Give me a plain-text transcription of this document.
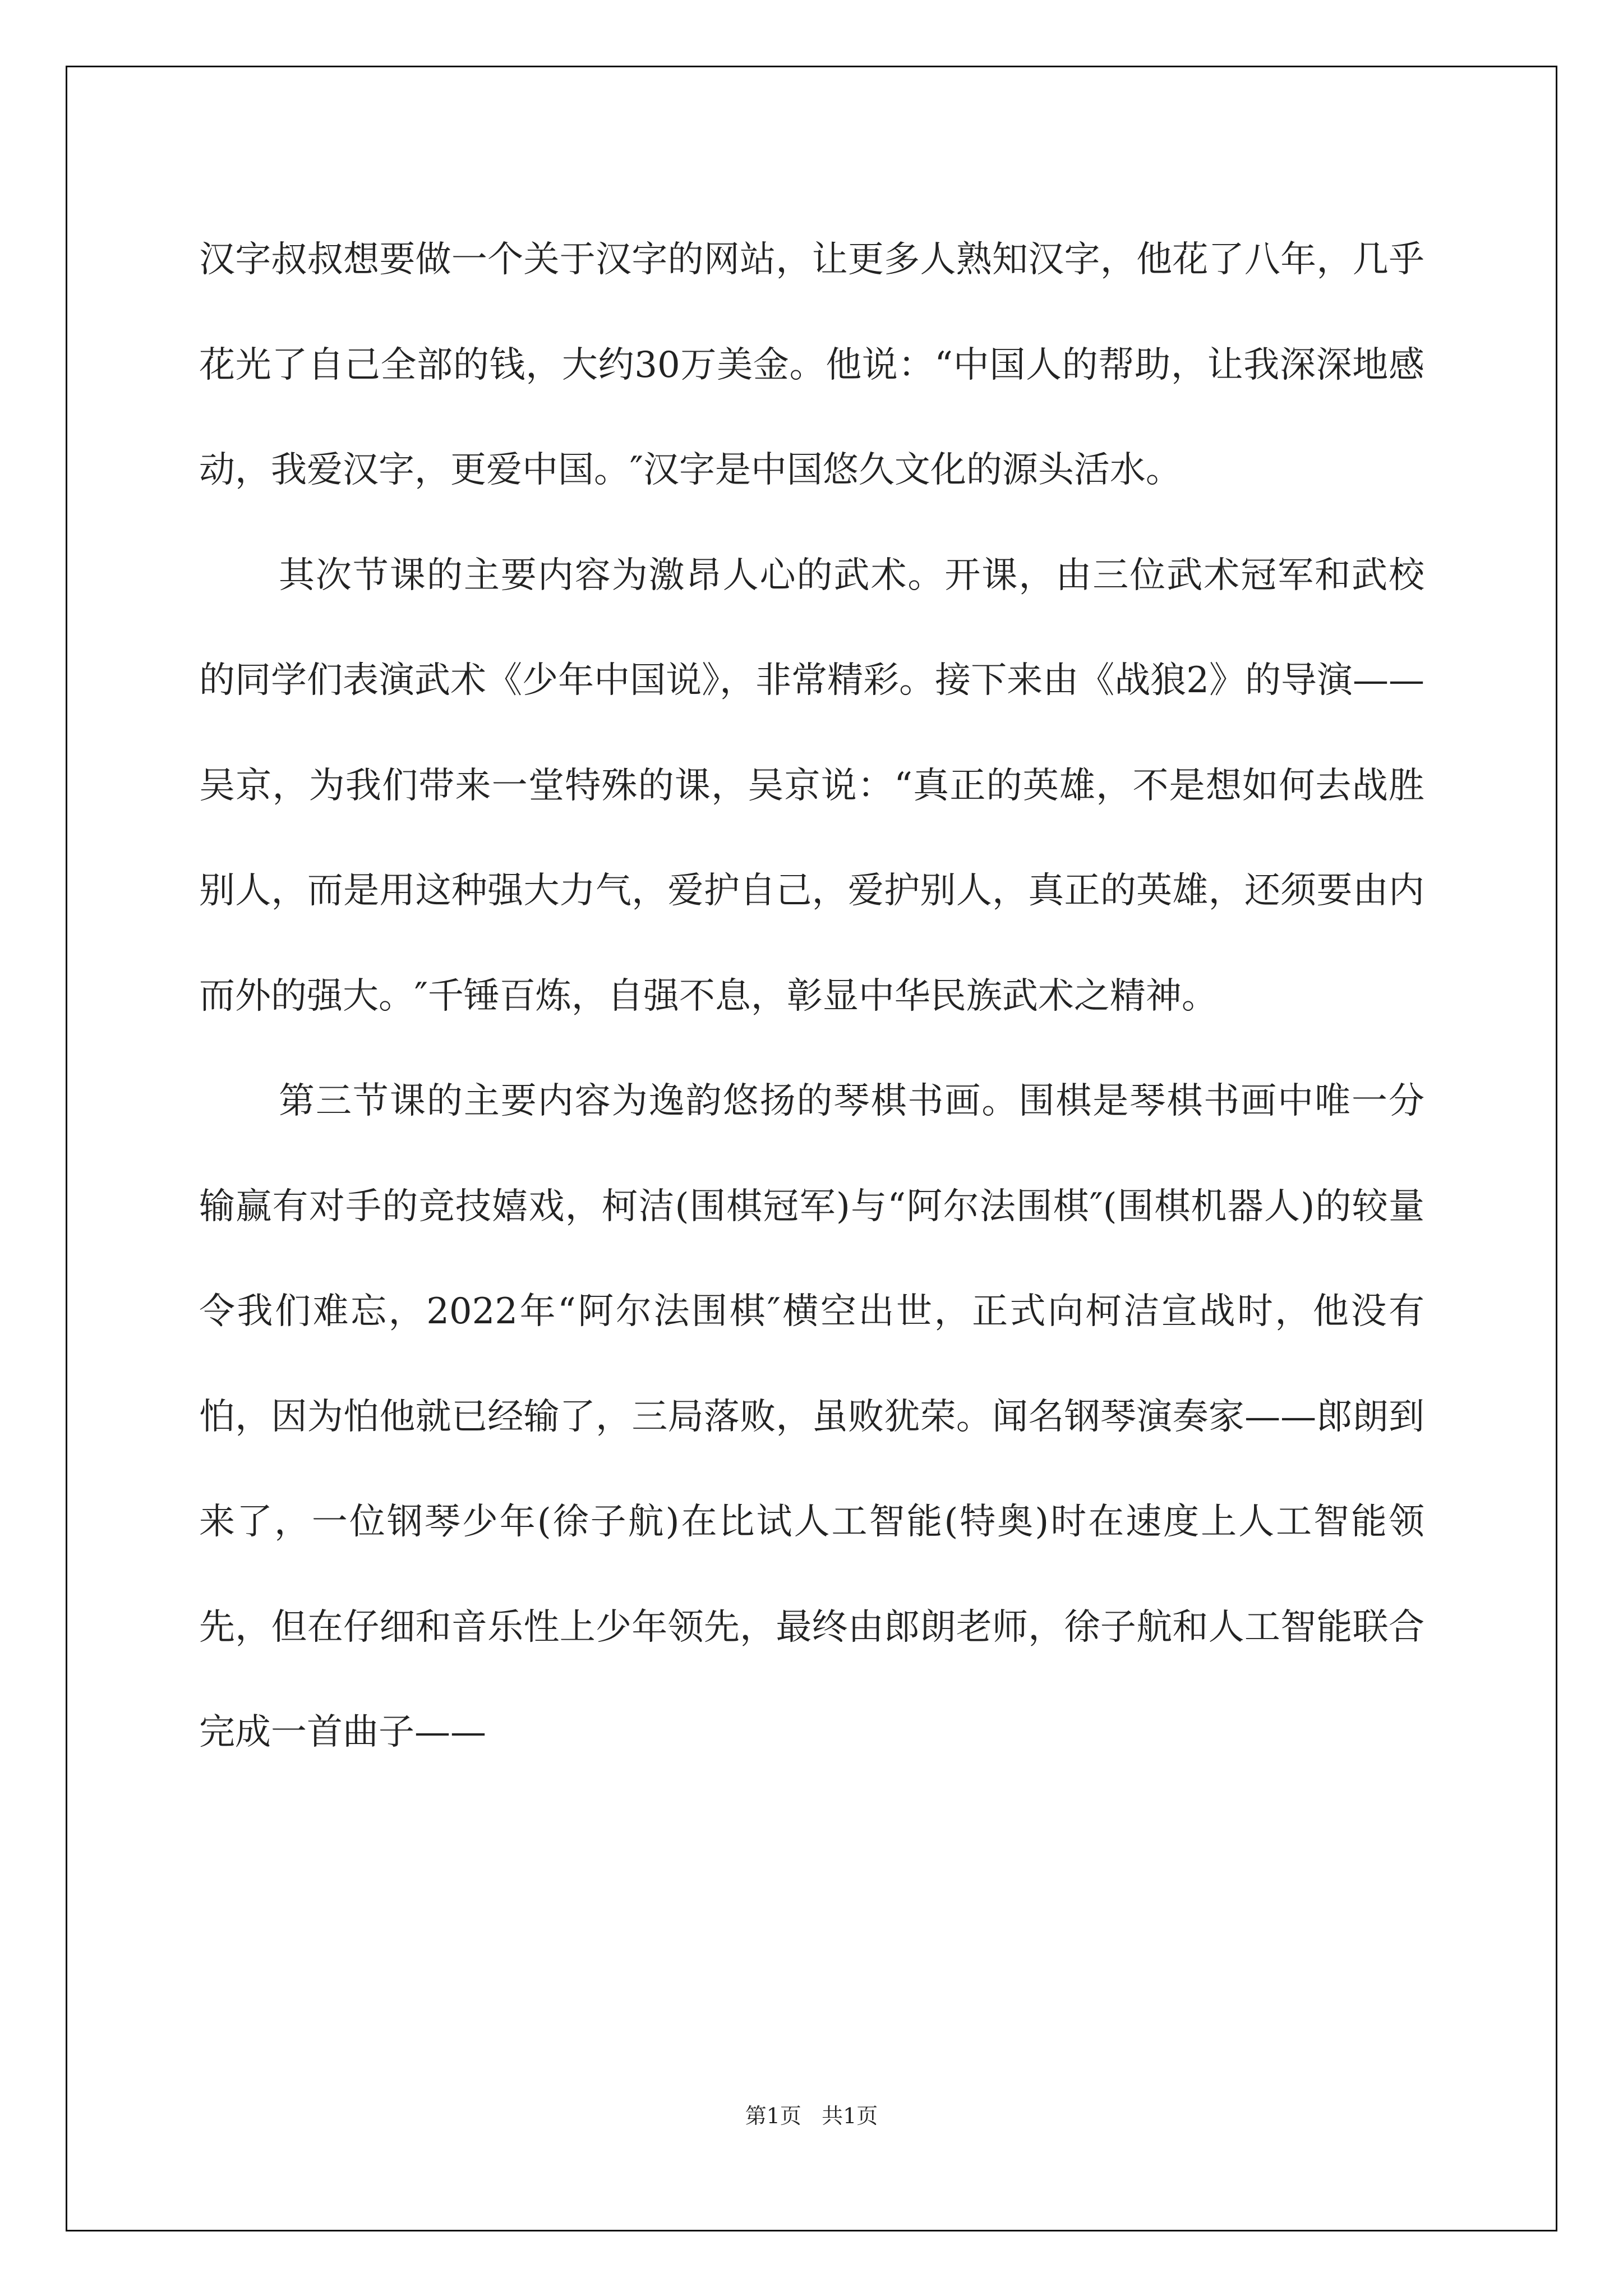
汉字叔叔想要做一个关于汉字的网站，让更多人熟知汉字，他花了八年，几乎花光了自己全部的钱，大约30万美金。他说：“中国人的帮助，让我深深地感动，我爱汉字，更爱中国。″汉字是中国悠久文化的源头活水。

其次节课的主要内容为激昂人心的武术。开课，由三位武术冠军和武校的同学们表演武术《少年中国说》，非常精彩。接下来由《战狼2》的导演——吴京，为我们带来一堂特殊的课，吴京说：“真正的英雄，不是想如何去战胜别人，而是用这种强大力气，爱护自己，爱护别人，真正的英雄，还须要由内而外的强大。″千锤百炼，自强不息，彰显中华民族武术之精神。

第三节课的主要内容为逸韵悠扬的琴棋书画。围棋是琴棋书画中唯一分输赢有对手的竞技嬉戏，柯洁(围棋冠军)与“阿尔法围棋″(围棋机器人)的较量令我们难忘，2022年“阿尔法围棋″横空出世，正式向柯洁宣战时，他没有怕，因为怕他就已经输了，三局落败，虽败犹荣。闻名钢琴演奏家——郎朗到来了，一位钢琴少年(徐子航)在比试人工智能(特奥)时在速度上人工智能领先，但在仔细和音乐性上少年领先，最终由郎朗老师，徐子航和人工智能联合完成一首曲子——

第1页 共1页
